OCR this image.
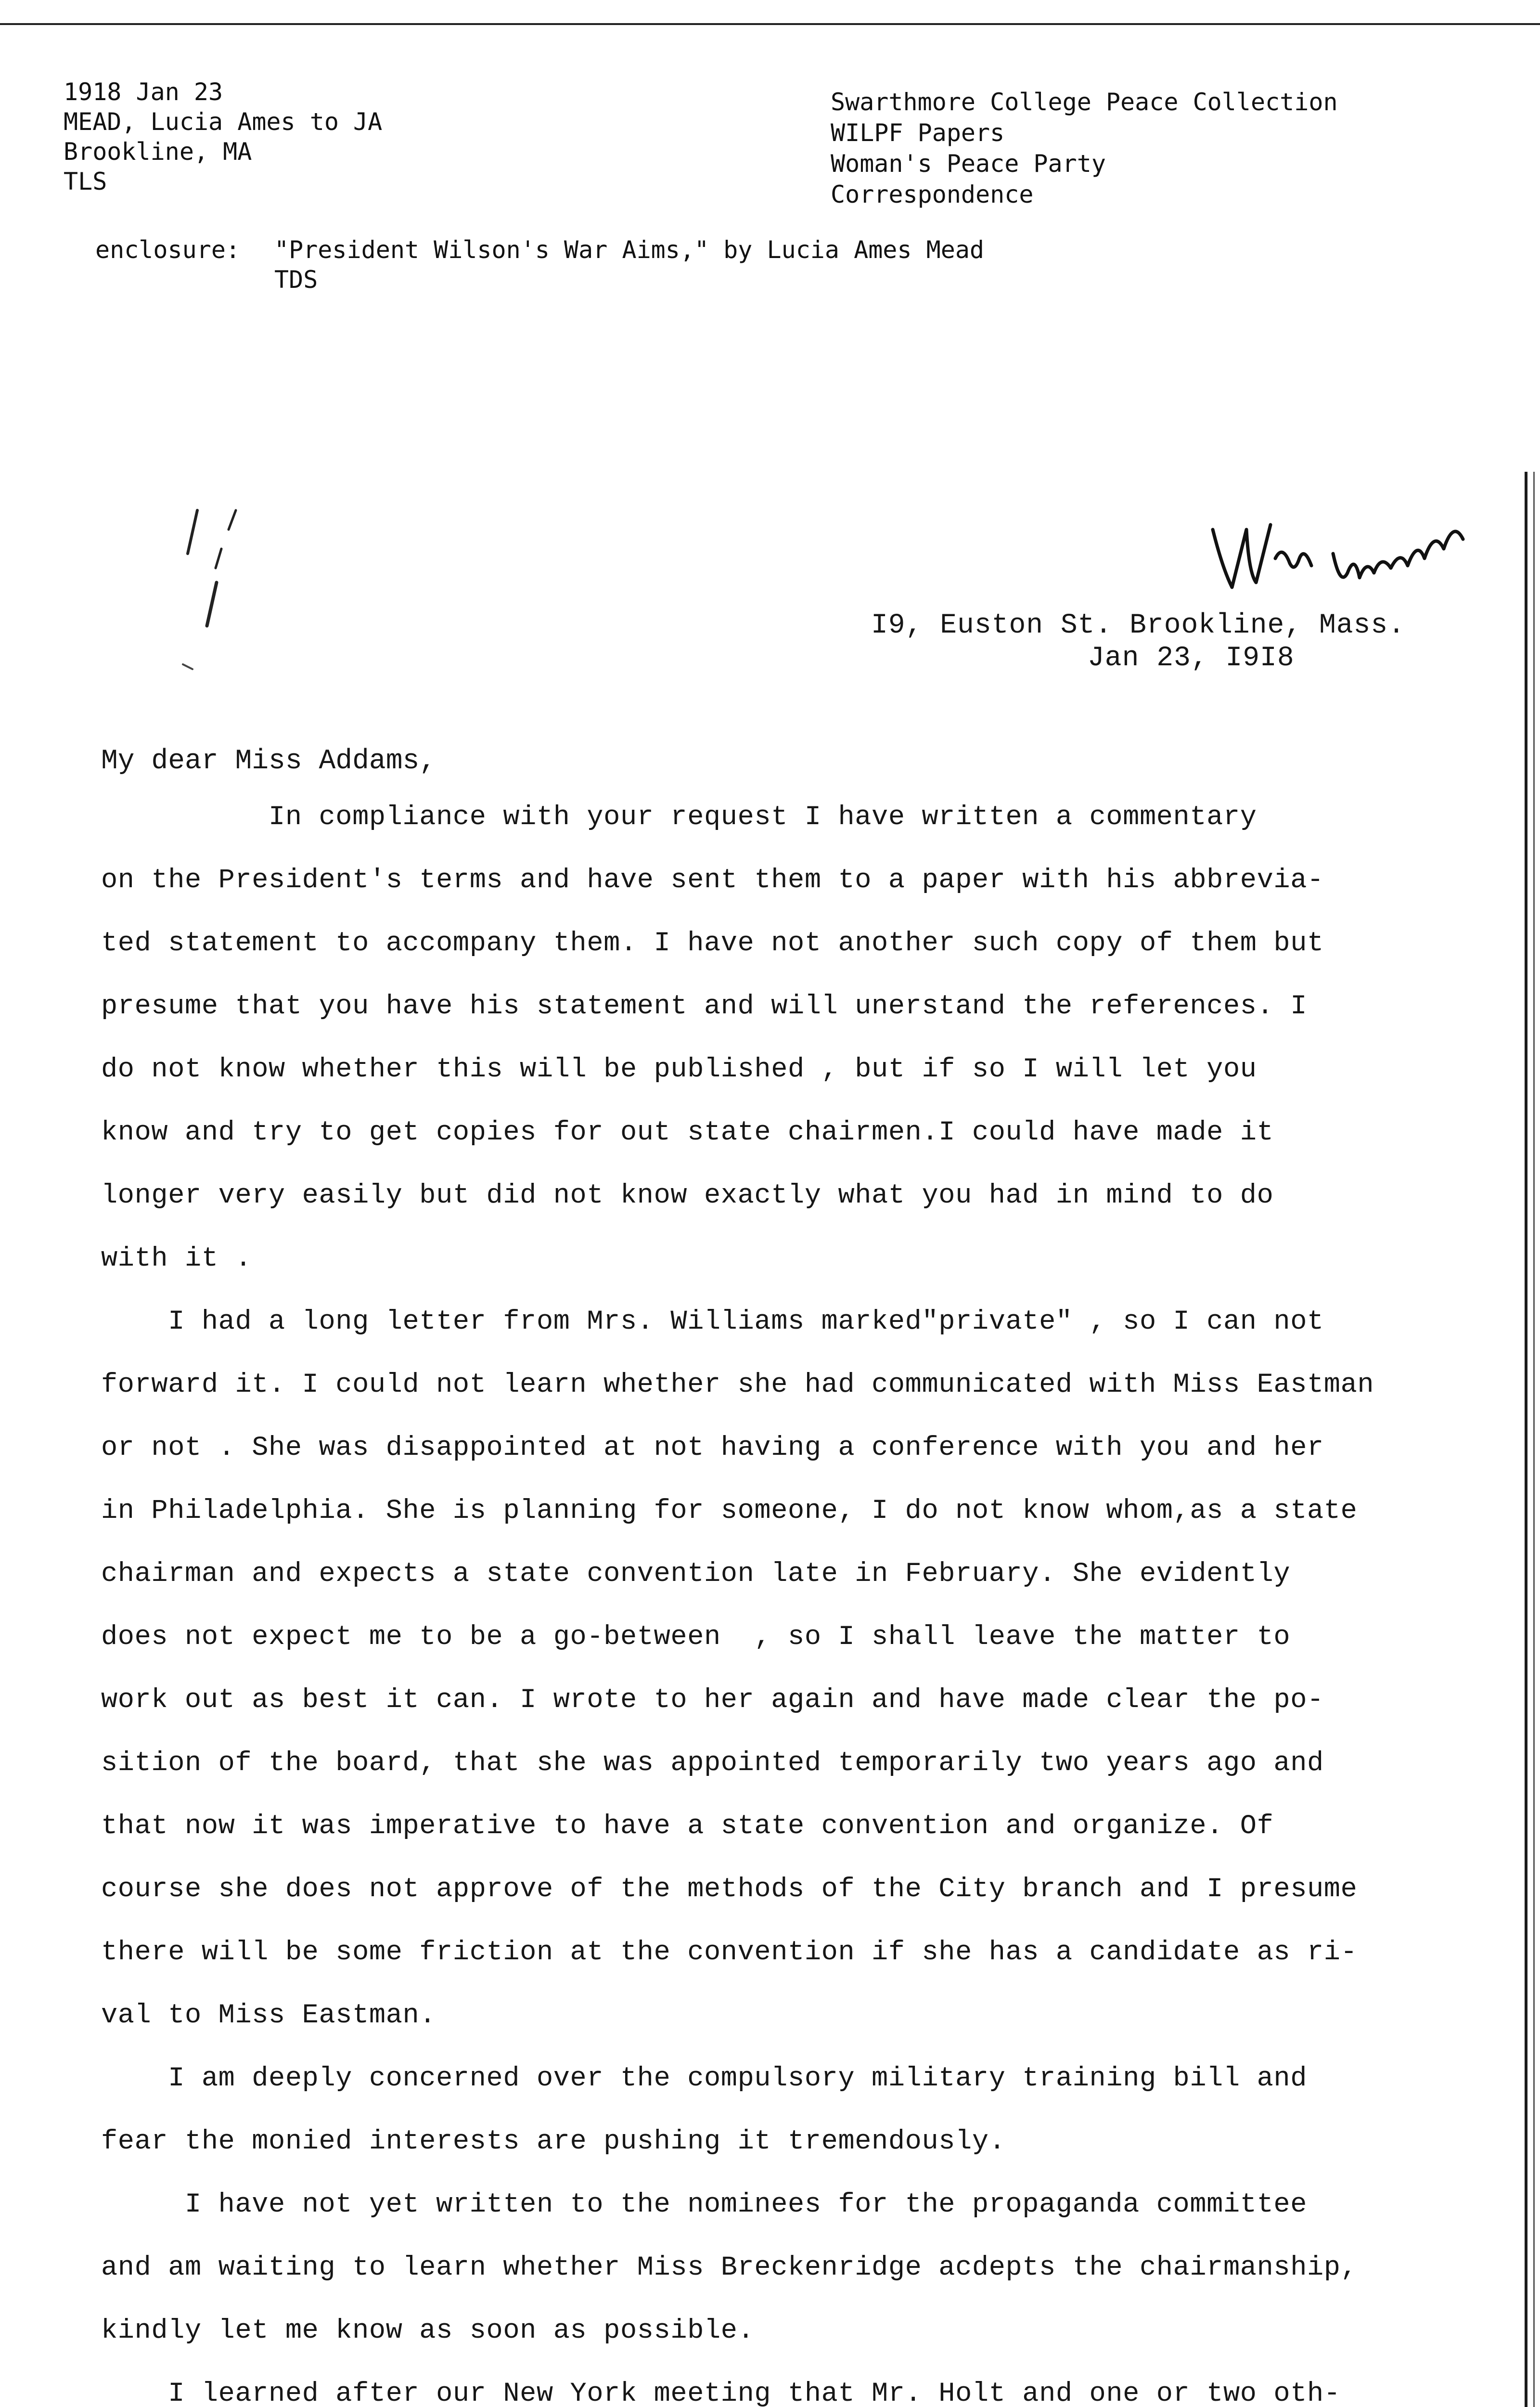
1918 Jan 23
MEAD, Lucia Ames to JA
Brookline, MA
TLS
Swarthmore College Peace Collection
WILPF Papers
Woman's Peace Party
Correspondence
enclosure: "President Wilson's War Aims," by Lucia Ames Mead
TDS
I9, Euston St. Brookline, Mass.
Jan 23, I9I8
My dear Miss Addams,
In compliance with your request I have written a commentary
on the President's terms and have sent them to a paper with his abbrevia-
ted statement to accompany them. I have not another such copy of them but
presume that you have his statement and will unerstand the references. I
do not know whether this will be published , but if so I will let you
know and try to get copies for out state chairmen.I could have made it
longer very easily but did not know exactly what you had in mind to do
with it .
I had a long letter from Mrs. Williams marked"private" , so I can not
forward it. I could not learn whether she had communicated with Miss Eastman
or not . She was disappointed at not having a conference with you and her
in Philadelphia. She is planning for someone, I do not know whom,as a state
chairman and expects a state convention late in February. She evidently
does not expect me to be a go-between  , so I shall leave the matter to
work out as best it can. I wrote to her again and have made clear the po-
sition of the board, that she was appointed temporarily two years ago and
that now it was imperative to have a state convention and organize. Of
course she does not approve of the methods of the City branch and I presume
there will be some friction at the convention if she has a candidate as ri-
val to Miss Eastman.
I am deeply concerned over the compulsory military training bill and
fear the monied interests are pushing it tremendously.
I have not yet written to the nominees for the propaganda committee
and am waiting to learn whether Miss Breckenridge acdepts the chairmanship,
kindly let me know as soon as possible.
I learned after our New York meeting that Mr. Holt and one or two oth-
